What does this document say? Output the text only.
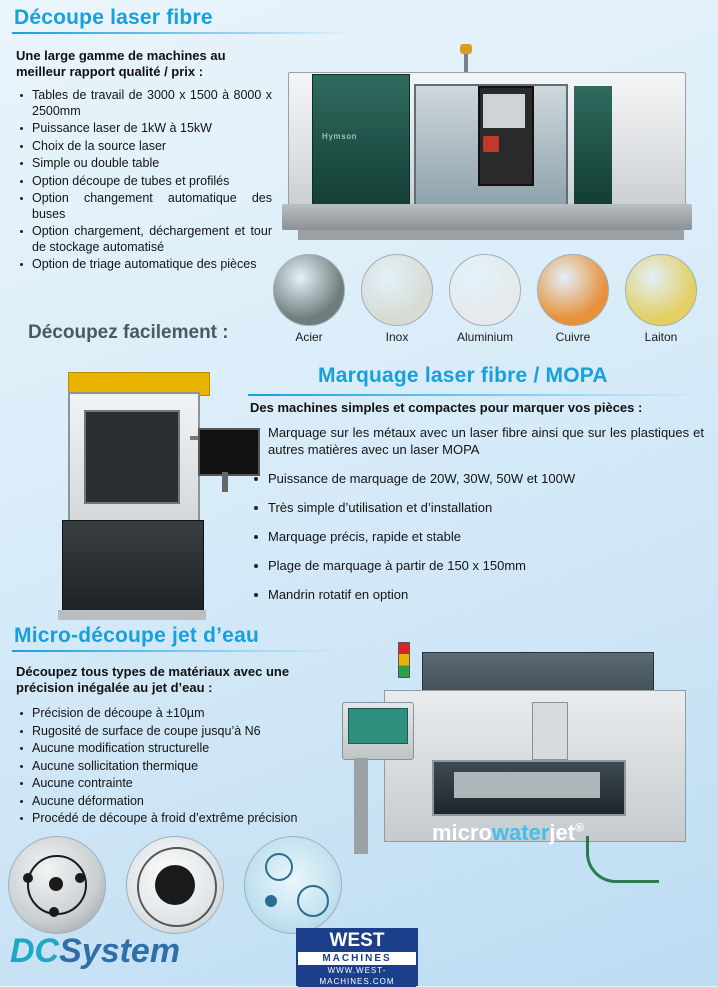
Découpe laser fibre
Une large gamme de machines au meilleur rapport qualité / prix :
Tables de travail de 3000 x 1500 à 8000 x 2500mm
Puissance laser de 1kW à 15kW
Choix de la source laser
Simple ou double table
Option découpe de tubes et profilés
Option changement automatique des buses
Option chargement, déchargement et tour de stockage automatisé
Option de triage automatique des pièces
Hymson
Acier	Inox	Aluminium	Cuivre	Laiton
Découpez facilement :
Marquage laser fibre / MOPA
Des machines simples et compactes pour marquer vos pièces :
Marquage sur les métaux avec un laser fibre ainsi que sur les plastiques et autres matières avec un laser MOPA
Puissance de marquage de 20W, 30W, 50W et 100W
Très simple d’utilisation et d’installation
Marquage précis, rapide et stable
Plage de marquage à partir de 150 x 150mm
Mandrin rotatif en option
Micro-découpe jet d’eau
Découpez tous types de matériaux avec une précision inégalée au jet d’eau :
Précision de découpe à ±10µm
Rugosité de surface de coupe jusqu’à N6
Aucune modification structurelle
Aucune sollicitation thermique
Aucune contrainte
Aucune déformation
Procédé de découpe à froid d’extrême précision
microwaterjet®
by Daetwyler
DCSystem	WEST
MACHINES
WWW.WEST-MACHINES.COM
